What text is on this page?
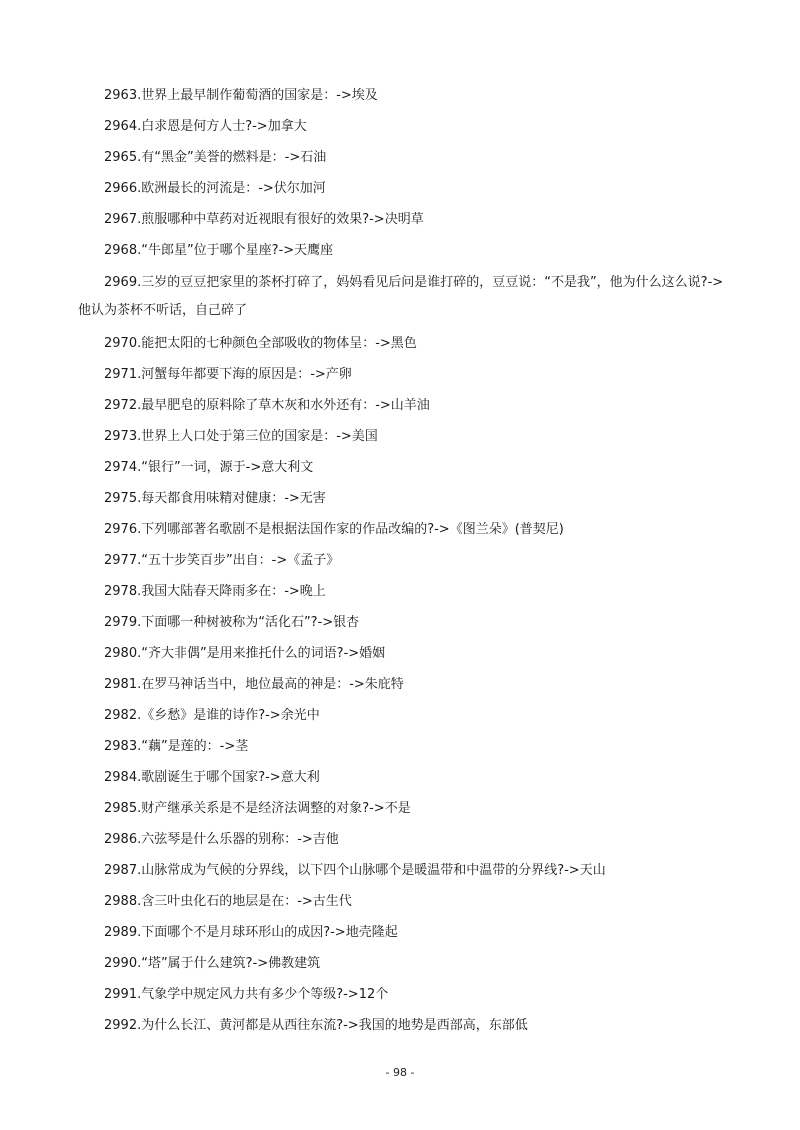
2963.世界上最早制作葡萄酒的国家是：->埃及
2964.白求恩是何方人士?->加拿大
2965.有“黑金”美誉的燃料是：->石油
2966.欧洲最长的河流是：->伏尔加河
2967.煎服哪种中草药对近视眼有很好的效果?->决明草
2968.“牛郎星”位于哪个星座?->天鹰座
2969.三岁的豆豆把家里的茶杯打碎了，妈妈看见后问是谁打碎的，豆豆说：“不是我”，他为什么这么说?->他认为茶杯不听话，自己碎了
2970.能把太阳的七种颜色全部吸收的物体呈：->黑色
2971.河蟹每年都要下海的原因是：->产卵
2972.最早肥皂的原料除了草木灰和水外还有：->山羊油
2973.世界上人口处于第三位的国家是：->美国
2974.“银行”一词，源于->意大利文
2975.每天都食用味精对健康：->无害
2976.下列哪部著名歌剧不是根据法国作家的作品改编的?->《图兰朵》(普契尼)
2977.“五十步笑百步”出自：->《孟子》
2978.我国大陆春天降雨多在：->晚上
2979.下面哪一种树被称为“活化石”?->银杏
2980.“齐大非偶”是用来推托什么的词语?->婚姻
2981.在罗马神话当中，地位最高的神是：->朱庇特
2982.《乡愁》是谁的诗作?->余光中
2983.“藕”是莲的：->茎
2984.歌剧诞生于哪个国家?->意大利
2985.财产继承关系是不是经济法调整的对象?->不是
2986.六弦琴是什么乐器的别称：->吉他
2987.山脉常成为气候的分界线，以下四个山脉哪个是暖温带和中温带的分界线?->天山
2988.含三叶虫化石的地层是在：->古生代
2989.下面哪个不是月球环形山的成因?->地壳隆起
2990.“塔”属于什么建筑?->佛教建筑
2991.气象学中规定风力共有多少个等级?->12个
2992.为什么长江、黄河都是从西往东流?->我国的地势是西部高，东部低
- 98 -
